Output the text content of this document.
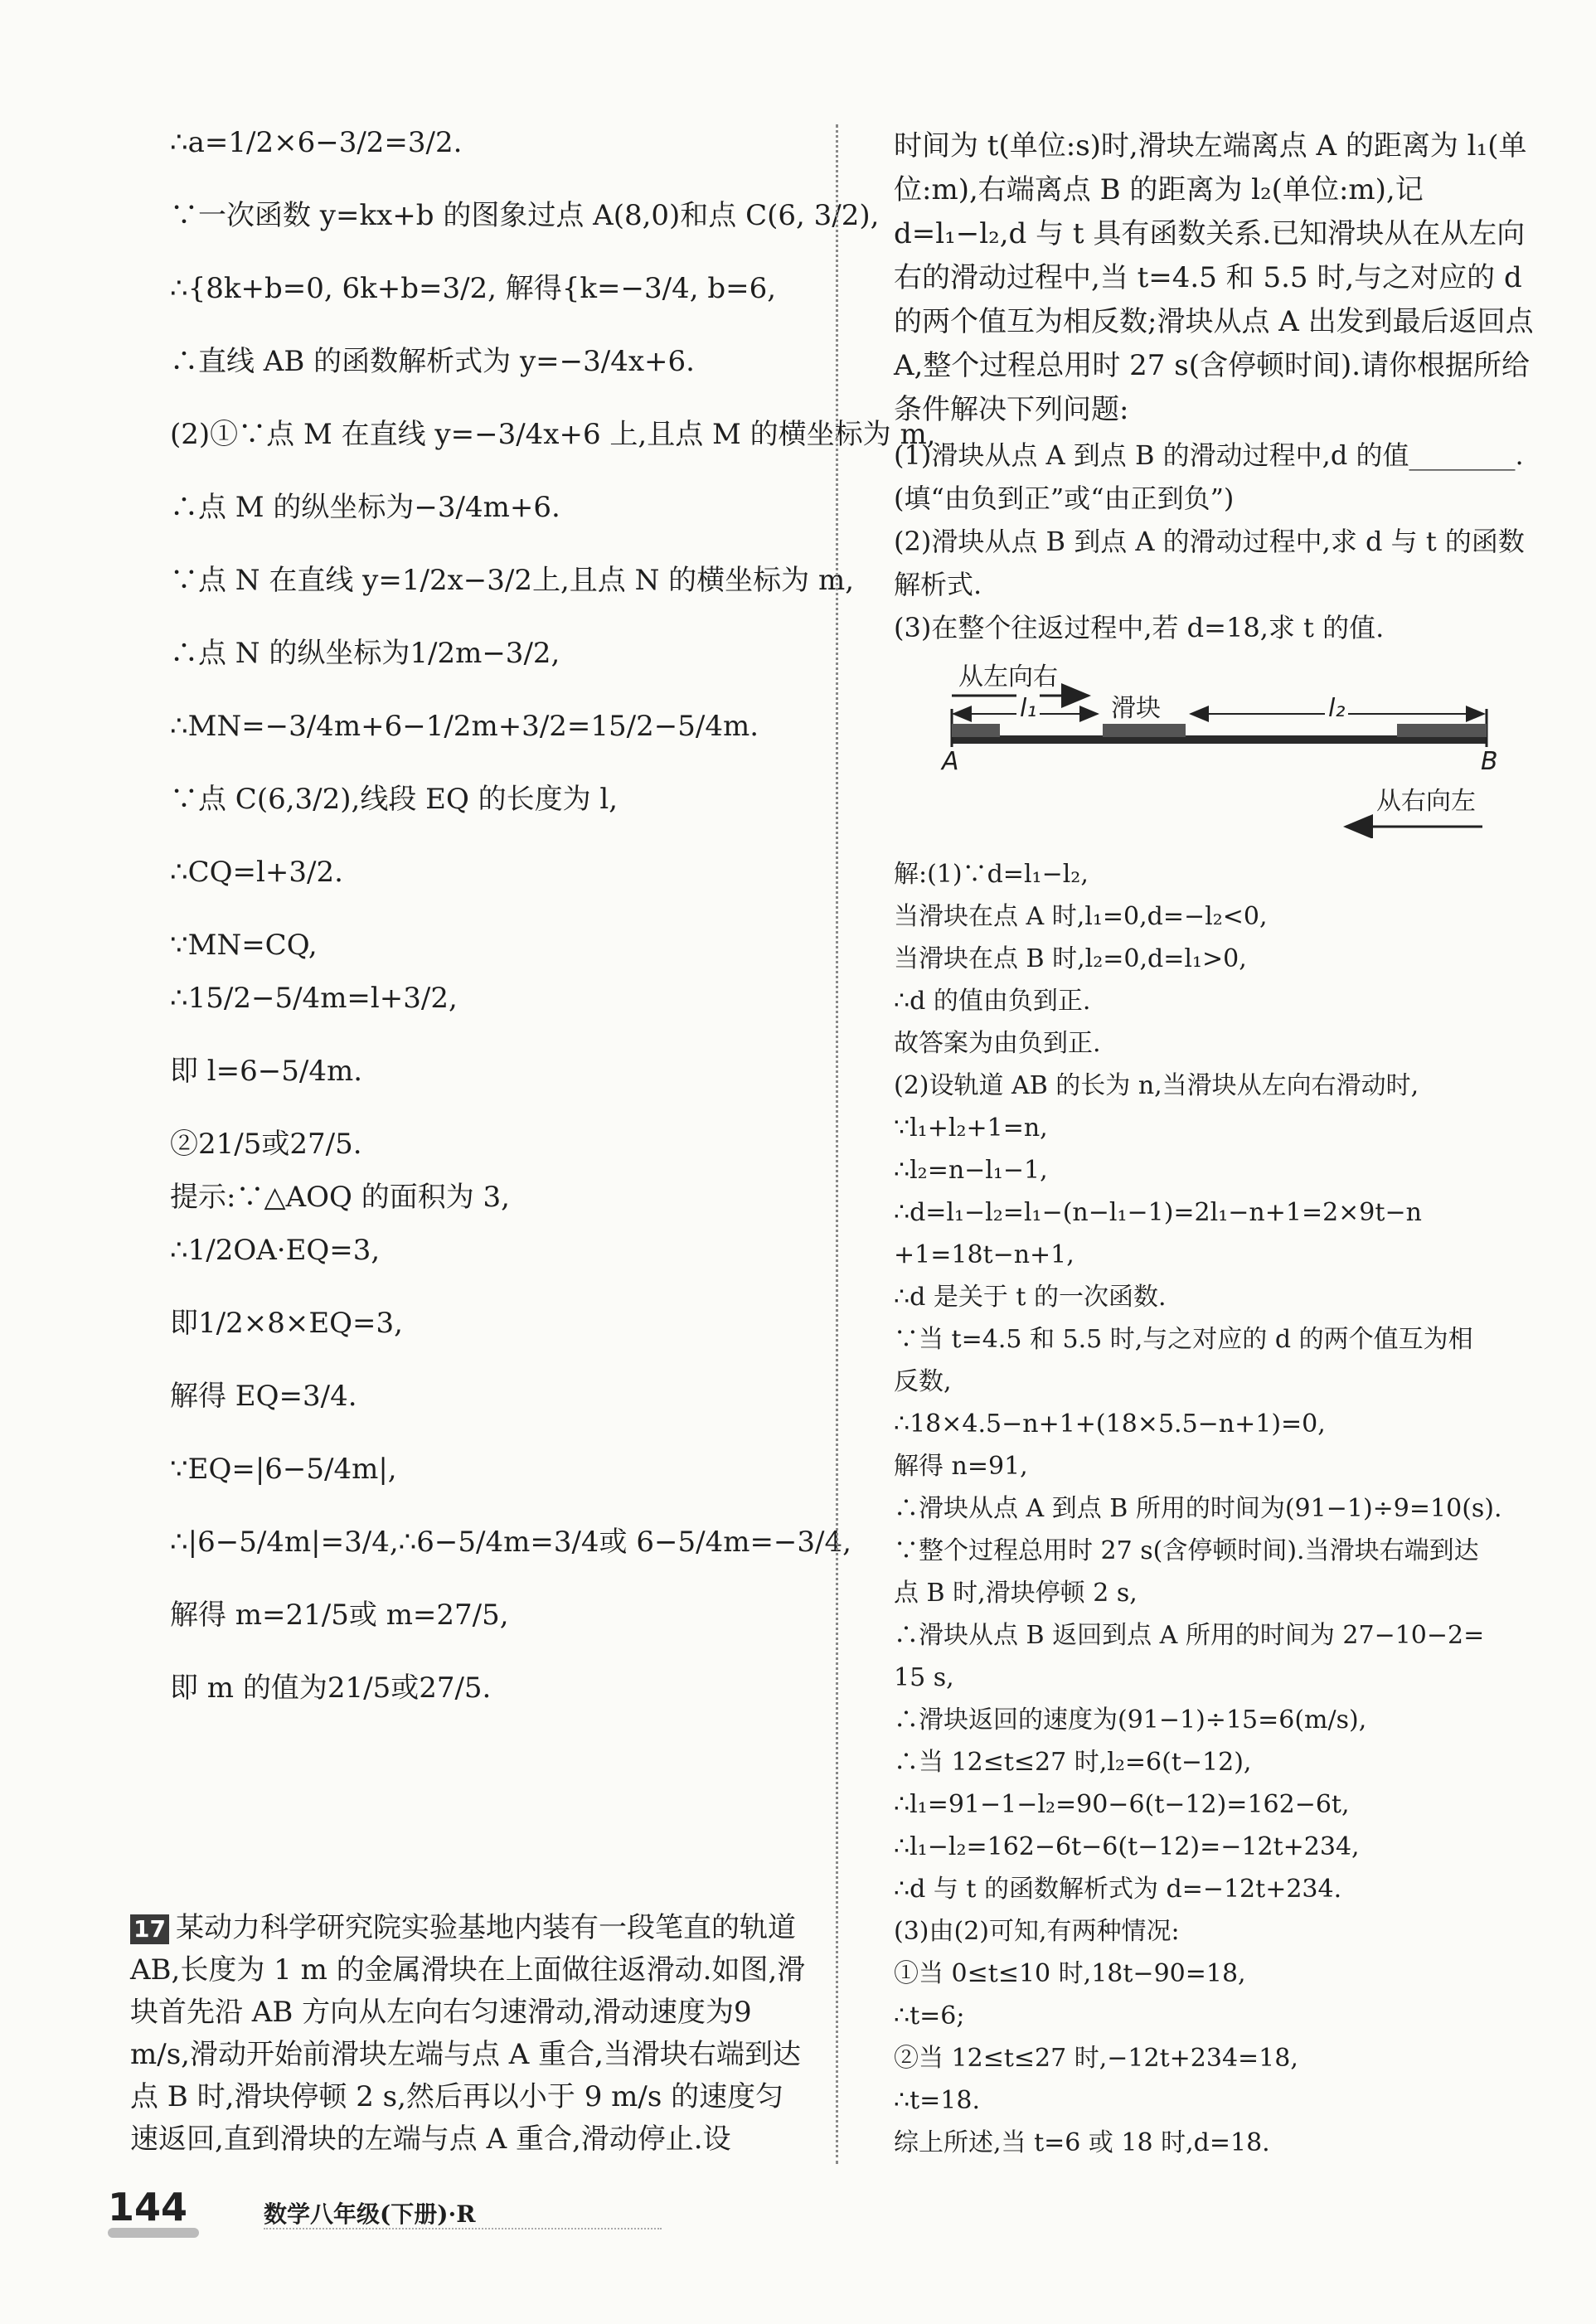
∴a=1/2×6−3/2=3/2.
∵一次函数 y=kx+b 的图象过点 A(8,0)和点 C(6, 3/2),
∴{8k+b=0, 6k+b=3/2, 解得{k=−3/4, b=6,
∴直线 AB 的函数解析式为 y=−3/4x+6.
(2)①∵点 M 在直线 y=−3/4x+6 上,且点 M 的横坐标为 m,
∴点 M 的纵坐标为−3/4m+6.
∵点 N 在直线 y=1/2x−3/2上,且点 N 的横坐标为 m,
∴点 N 的纵坐标为1/2m−3/2,
∴MN=−3/4m+6−1/2m+3/2=15/2−5/4m.
∵点 C(6,3/2),线段 EQ 的长度为 l,
∴CQ=l+3/2.
∵MN=CQ,
∴15/2−5/4m=l+3/2,
即 l=6−5/4m.
②21/5或27/5.
提示:∵△AOQ 的面积为 3,
∴1/2OA·EQ=3,
即1/2×8×EQ=3,
解得 EQ=3/4.
∵EQ=|6−5/4m|,
∴|6−5/4m|=3/4,∴6−5/4m=3/4或 6−5/4m=−3/4,
解得 m=21/5或 m=27/5,
即 m 的值为21/5或27/5.
17 某动力科学研究院实验基地内装有一段笔直的轨道AB,长度为 1 m 的金属滑块在上面做往返滑动.如图,滑块首先沿 AB 方向从左向右匀速滑动,滑动速度为9 m/s,滑动开始前滑块左端与点 A 重合,当滑块右端到达点 B 时,滑块停顿 2 s,然后再以小于 9 m/s 的速度匀速返回,直到滑块的左端与点 A 重合,滑动停止.设
时间为 t(单位:s)时,滑块左端离点 A 的距离为 l₁(单位:m),右端离点 B 的距离为 l₂(单位:m),记 d=l₁−l₂,d 与 t 具有函数关系.已知滑块从在从左向右的滑动过程中,当 t=4.5 和 5.5 时,与之对应的 d 的两个值互为相反数;滑块从点 A 出发到最后返回点 A,整个过程总用时 27 s(含停顿时间).请你根据所给条件解决下列问题:
(1)滑块从点 A 到点 B 的滑动过程中,d 的值________.(填“由负到正”或“由正到负”)
(2)滑块从点 B 到点 A 的滑动过程中,求 d 与 t 的函数解析式.
(3)在整个往返过程中,若 d=18,求 t 的值.
从左向右
l₁	滑块	l₂
A	B
从右向左
解:(1)∵d=l₁−l₂,
当滑块在点 A 时,l₁=0,d=−l₂<0,
当滑块在点 B 时,l₂=0,d=l₁>0,
∴d 的值由负到正.
故答案为由负到正.
(2)设轨道 AB 的长为 n,当滑块从左向右滑动时,
∵l₁+l₂+1=n,
∴l₂=n−l₁−1,
∴d=l₁−l₂=l₁−(n−l₁−1)=2l₁−n+1=2×9t−n
+1=18t−n+1,
∴d 是关于 t 的一次函数.
∵当 t=4.5 和 5.5 时,与之对应的 d 的两个值互为相
反数,
∴18×4.5−n+1+(18×5.5−n+1)=0,
解得 n=91,
∴滑块从点 A 到点 B 所用的时间为(91−1)÷9=10(s).
∵整个过程总用时 27 s(含停顿时间).当滑块右端到达
点 B 时,滑块停顿 2 s,
∴滑块从点 B 返回到点 A 所用的时间为 27−10−2=
15 s,
∴滑块返回的速度为(91−1)÷15=6(m/s),
∴当 12≤t≤27 时,l₂=6(t−12),
∴l₁=91−1−l₂=90−6(t−12)=162−6t,
∴l₁−l₂=162−6t−6(t−12)=−12t+234,
∴d 与 t 的函数解析式为 d=−12t+234.
(3)由(2)可知,有两种情况:
①当 0≤t≤10 时,18t−90=18,
∴t=6;
②当 12≤t≤27 时,−12t+234=18,
∴t=18.
综上所述,当 t=6 或 18 时,d=18.
144	数学八年级(下册)·R
